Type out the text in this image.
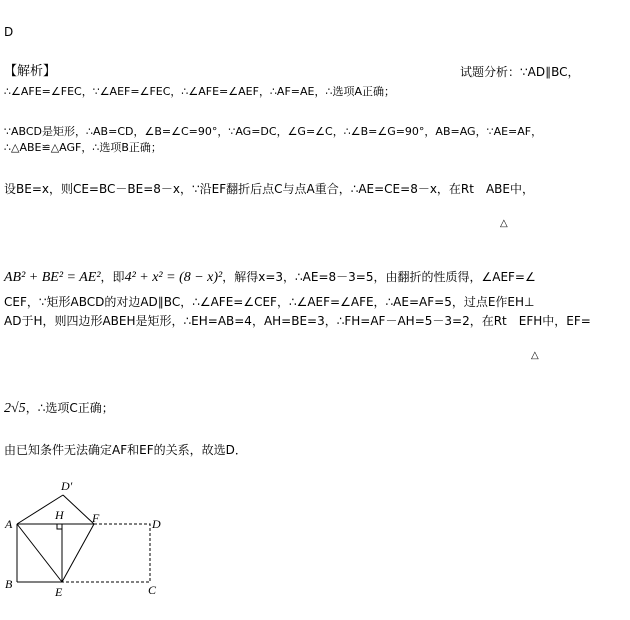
D
【解析】	试题分析：∵AD∥BC，
∴∠AFE=∠FEC，∵∠AEF=∠FEC，∴∠AFE=∠AEF，∴AF=AE，∴选项A正确；
∵ABCD是矩形，∴AB=CD，∠B=∠C=90°，∵AG=DC，∠G=∠C，∴∠B=∠G=90°，AB=AG，∵AE=AF，
∴△ABE≌△AGF，∴选项B正确；
设BE=x，则CE=BC－BE=8－x，∵沿EF翻折后点C与点A重合，∴AE=CE=8－x，在Rt　ABE中，
△
AB² + BE² = AE²，即4² + x² = (8 − x)²，解得x=3，∴AE=8－3=5，由翻折的性质得，∠AEF=∠
CEF，∵矩形ABCD的对边AD∥BC，∴∠AFE=∠CEF，∴∠AEF=∠AFE，∴AE=AF=5，过点E作EH⊥
AD于H，则四边形ABEH是矩形，∴EH=AB=4，AH=BE=3，∴FH=AF－AH=5－3=2，在Rt　EFH中，EF=
△
2√5，∴选项C正确；
由已知条件无法确定AF和EF的关系，故选D．
A
B	C
D
D′
E
F
H
